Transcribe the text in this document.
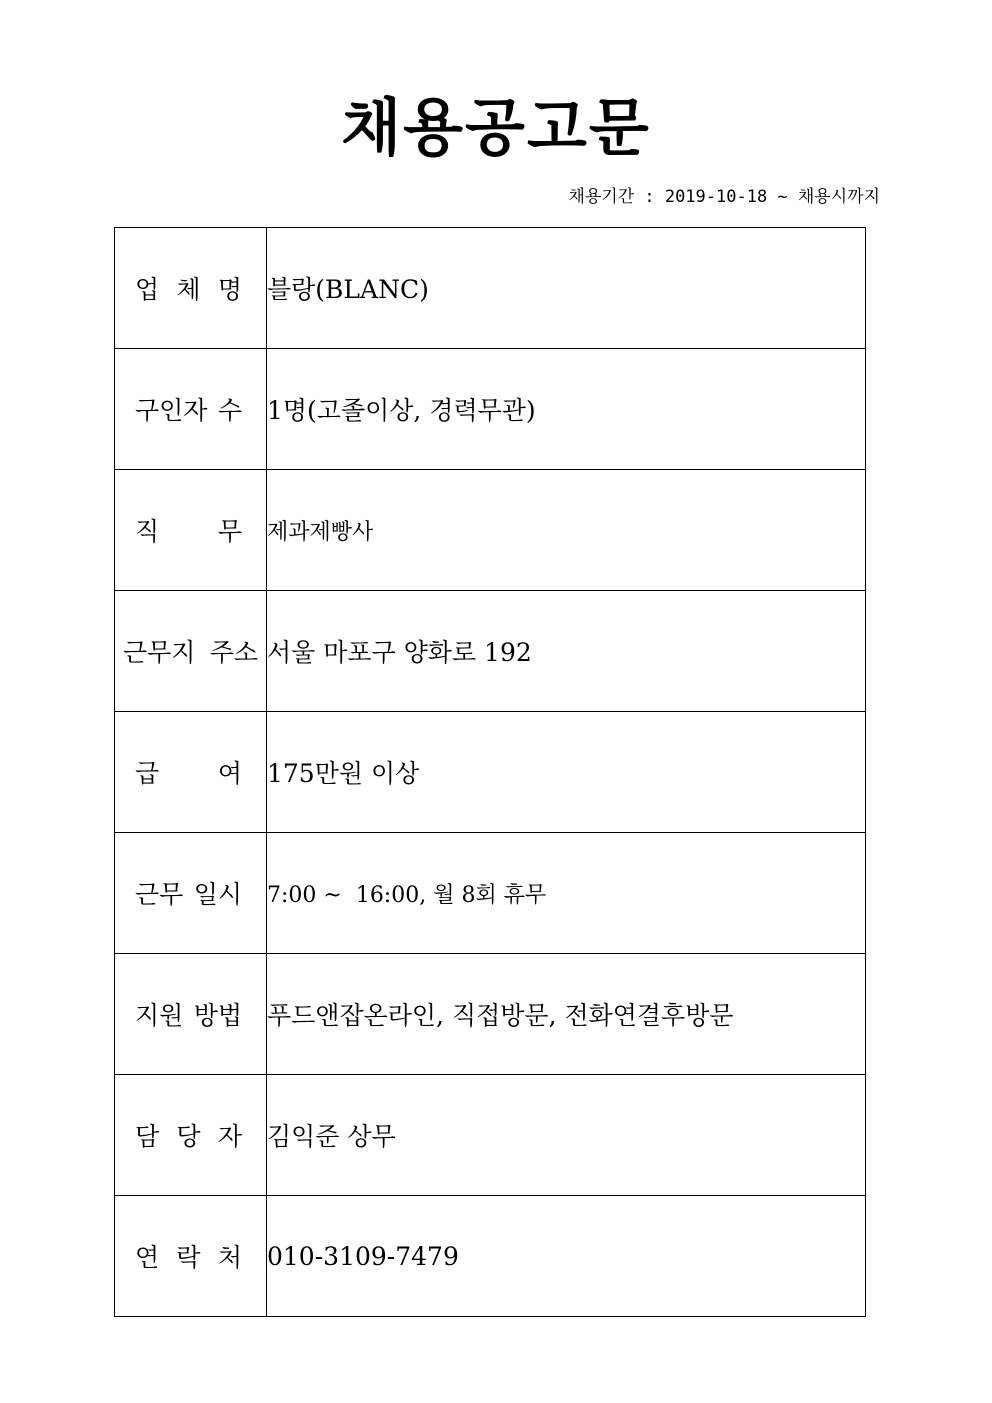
채용공고문
채용기간 : 2019-10-18 ~ 채용시까지
업 체 명	블랑(BLANC)

구인자 수	1명(고졸이상, 경력무관)

직 무	제과제빵사

근무지 주소	서울 마포구 양화로 192

급 여	175만원 이상

근무 일시	7:00 ~  16:00, 월 8회 휴무

지원 방법	푸드앤잡온라인, 직접방문, 전화연결후방문

담 당 자	김익준 상무

연 락 처	010-3109-7479
